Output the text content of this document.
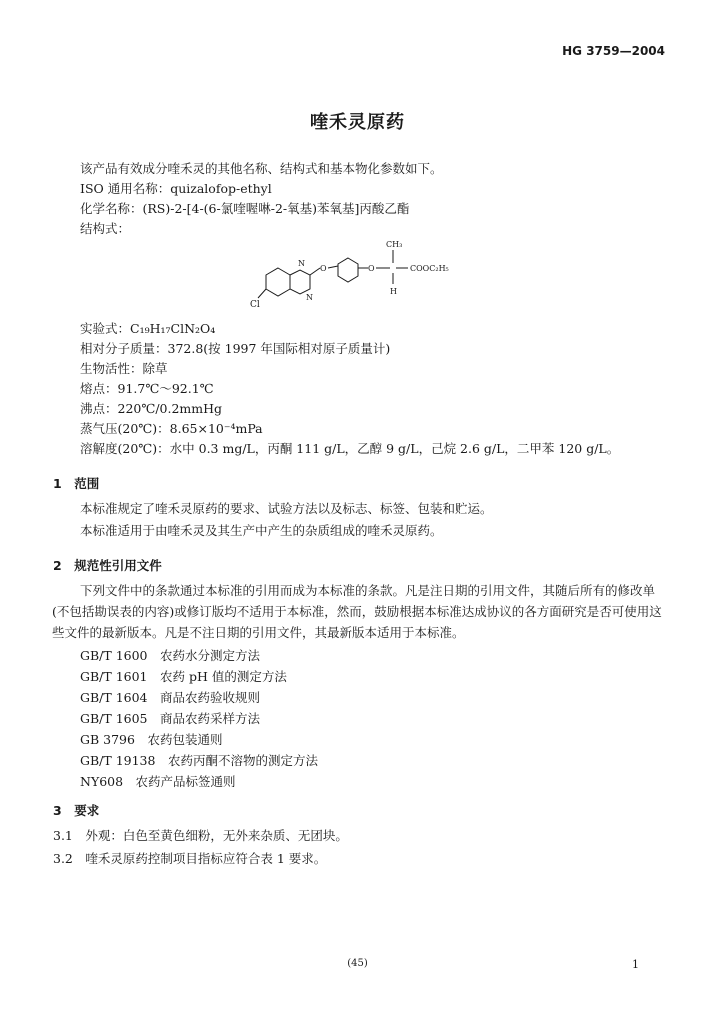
HG 3759—2004
喹禾灵原药
该产品有效成分喹禾灵的其他名称、结构式和基本物化参数如下。
ISO 通用名称：quizalofop-ethyl
化学名称：(RS)-2-[4-(6-氯喹喔啉-2-氧基)苯氧基]丙酸乙酯
结构式：
CH₃
COOC₂H₅
H
Cl
N
N
O	O
实验式：C₁₉H₁₇ClN₂O₄
相对分子质量：372.8(按 1997 年国际相对原子质量计)
生物活性：除草
熔点：91.7℃～92.1℃
沸点：220℃/0.2mmHg
蒸气压(20℃)：8.65×10⁻⁴mPa
溶解度(20℃)：水中 0.3 mg/L，丙酮 111 g/L，乙醇 9 g/L，己烷 2.6 g/L，二甲苯 120 g/L。
1　范围
本标准规定了喹禾灵原药的要求、试验方法以及标志、标签、包装和贮运。
本标准适用于由喹禾灵及其生产中产生的杂质组成的喹禾灵原药。
2　规范性引用文件
下列文件中的条款通过本标准的引用而成为本标准的条款。凡是注日期的引用文件，其随后所有的修改单(不包括勘误表的内容)或修订版均不适用于本标准，然而，鼓励根据本标准达成协议的各方面研究是否可使用这些文件的最新版本。凡是不注日期的引用文件，其最新版本适用于本标准。
GB/T 1600　农药水分测定方法
GB/T 1601　农药 pH 值的测定方法
GB/T 1604　商品农药验收规则
GB/T 1605　商品农药采样方法
GB 3796　农药包装通则
GB/T 19138　农药丙酮不溶物的测定方法
NY608　农药产品标签通则
3　要求
3.1　外观：白色至黄色细粉，无外来杂质、无团块。
3.2　喹禾灵原药控制项目指标应符合表 1 要求。
(45)	1
